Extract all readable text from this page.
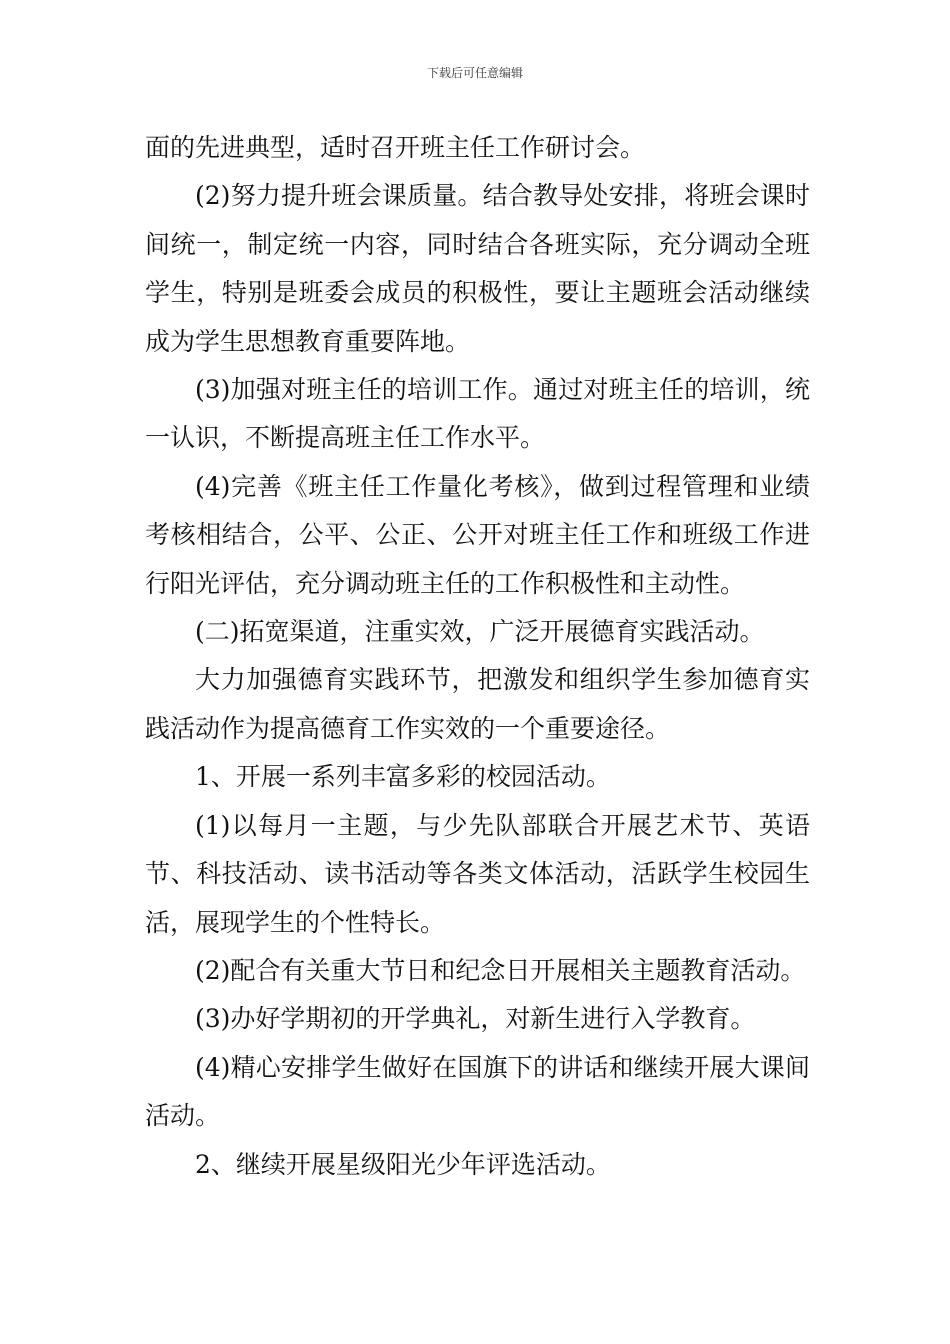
下载后可任意编辑

面的先进典型，适时召开班主任工作研讨会。

(2)努力提升班会课质量。结合教导处安排，将班会课时间统一，制定统一内容，同时结合各班实际，充分调动全班学生，特别是班委会成员的积极性，要让主题班会活动继续成为学生思想教育重要阵地。

(3)加强对班主任的培训工作。通过对班主任的培训，统一认识，不断提高班主任工作水平。

(4)完善《班主任工作量化考核》，做到过程管理和业绩考核相结合，公平、公正、公开对班主任工作和班级工作进行阳光评估，充分调动班主任的工作积极性和主动性。

(二)拓宽渠道，注重实效，广泛开展德育实践活动。

大力加强德育实践环节，把激发和组织学生参加德育实践活动作为提高德育工作实效的一个重要途径。

1、开展一系列丰富多彩的校园活动。

(1)以每月一主题，与少先队部联合开展艺术节、英语节、科技活动、读书活动等各类文体活动，活跃学生校园生活，展现学生的个性特长。

(2)配合有关重大节日和纪念日开展相关主题教育活动。

(3)办好学期初的开学典礼，对新生进行入学教育。

(4)精心安排学生做好在国旗下的讲话和继续开展大课间活动。

2、继续开展星级阳光少年评选活动。
